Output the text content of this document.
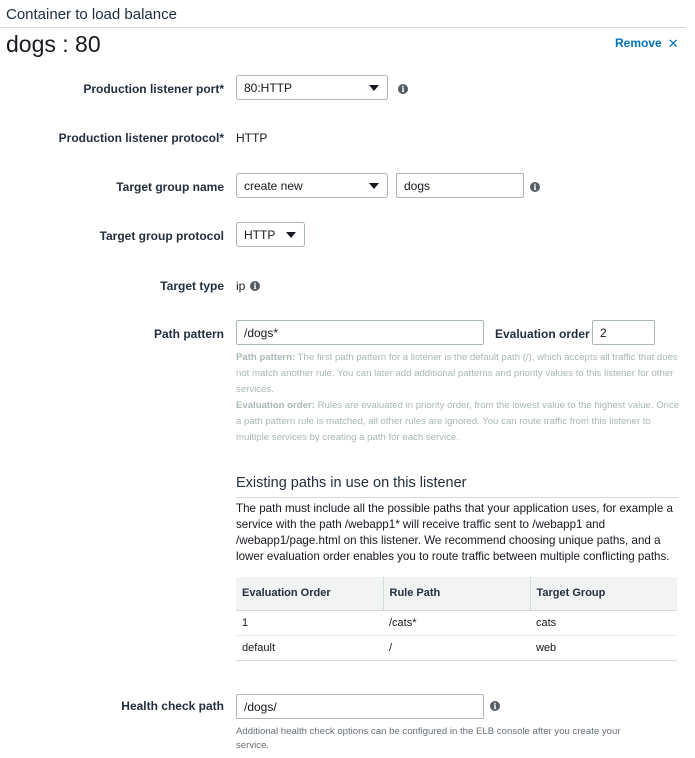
Container to load balance
dogs : 80	Remove ✕
Production listener port* 80:HTTP	i
Production listener protocol* HTTP
Target group name create new	dogs	i
Target group protocol HTTP
Target type ip	i
Path pattern /dogs*	Evaluation order 2
Path pattern: The first path pattern for a listener is the default path (/), which accepts all traffic that does not match another rule. You can later add additional patterns and priority values to this listener for other services.
Evaluation order: Rules are evaluated in priority order, from the lowest value to the highest value. Once a path pattern rule is matched, all other rules are ignored. You can route traffic from this listener to multiple services by creating a path for each service.
Existing paths in use on this listener
The path must include all the possible paths that your application uses, for example a service with the path /webapp1* will receive traffic sent to /webapp1 and /webapp1/page.html on this listener. We recommend choosing unique paths, and a lower evaluation order enables you to route traffic between multiple conflicting paths.
Evaluation Order	Rule Path	Target Group
1	/cats*	cats
default	/	web
Health check path /dogs/	i
Additional health check options can be configured in the ELB console after you create your service.
